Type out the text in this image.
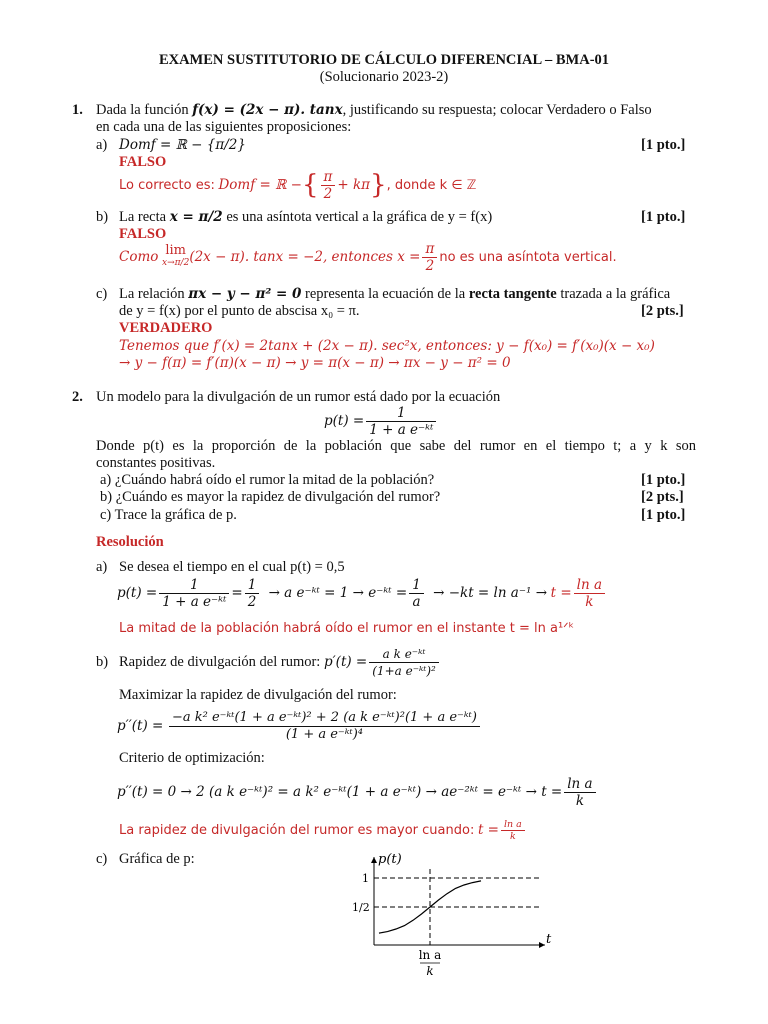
EXAMEN SUSTITUTORIO DE CÁLCULO DIFERENCIAL – BMA-01
(Solucionario 2023-2)
1. Dada la función f(x) = (2x − π). tanx, justificando su respuesta; colocar Verdadero o Falso
en cada una de las siguientes proposiciones:
a) Domf = ℝ − {π/2}	[1 pto.]
FALSO
Lo correcto es:
Domf = ℝ − { $\frac{\pi}{2} + k\pi$ } , donde k ∈ ℤ
b) La recta x = π/2 es una asíntota vertical a la gráfica de y = f(x)	[1 pto.]
FALSO
Como
lim
x→π/2 (2x − π). tanx = −2, entonces $x = \frac{\pi}{2}$ no es una asíntota vertical.
c) La relación πx − y − π² = 0 representa la ecuación de la recta tangente trazada a la gráfica
de y = f(x) por el punto de abscisa x₀ = π.	[2 pts.]
VERDADERO
Tenemos que f′(x) = 2tanx + (2x − π). sec²x, entonces: y − f(x₀) = f′(x₀)(x − x₀)
→ y − f(π) = f′(π)(x − π) → y = π(x − π) → πx − y − π² = 0
2. Un modelo para la divulgación de un rumor está dado por la ecuación
$p(t) = \frac{1}{\text{1 + a e⁻ᵏᵗ}}$
Donde p(t) es la proporción de la población que sabe del rumor en el tiempo t; a y k son
constantes positivas.
a) ¿Cuándo habrá oído el rumor la mitad de la población?	[1 pto.]
b) ¿Cuándo es mayor la rapidez de divulgación del rumor?	[2 pts.]
c) Trace la gráfica de p.	[1 pto.]
Resolución
a) Se desea el tiempo en el cual p(t) = 0,5
$p(t) = \frac{1}{\text{1 + a e⁻ᵏᵗ}} = \frac{1}{2}$
→ a e⁻ᵏᵗ = 1 → e⁻ᵏᵗ = $\frac{1}{a}$
→ −kt = ln a⁻¹ →
$t = \frac{\text{ln a}}{k}$
La mitad de la población habrá oído el rumor en el instante t = ln a¹ᐟᵏ
b) Rapidez de divulgación del rumor:
$p'(t) = \frac{\text{a k e⁻ᵏᵗ}}{\text{(1+a e⁻ᵏᵗ)²}}$
Maximizar la rapidez de divulgación del rumor:
p′′(t) =
$\frac{\text{−a k² e⁻ᵏᵗ(1 + a e⁻ᵏᵗ)² + 2 (a k e⁻ᵏᵗ)²(1 + a e⁻ᵏᵗ)}}{\text{(1 + a e⁻ᵏᵗ)⁴}}$
Criterio de optimización:
p′′(t) = 0 → 2 (a k e⁻ᵏᵗ)² = a k² e⁻ᵏᵗ(1 + a e⁻ᵏᵗ) → ae⁻²ᵏᵗ = e⁻ᵏᵗ → $t = \frac{\text{ln a}}{k}$
La rapidez de divulgación del rumor es mayor cuando:
$t = \frac{\text{ln a}}{k}$
c) Gráfica de p:	p(t)
t
1
1/2
ln a
k
